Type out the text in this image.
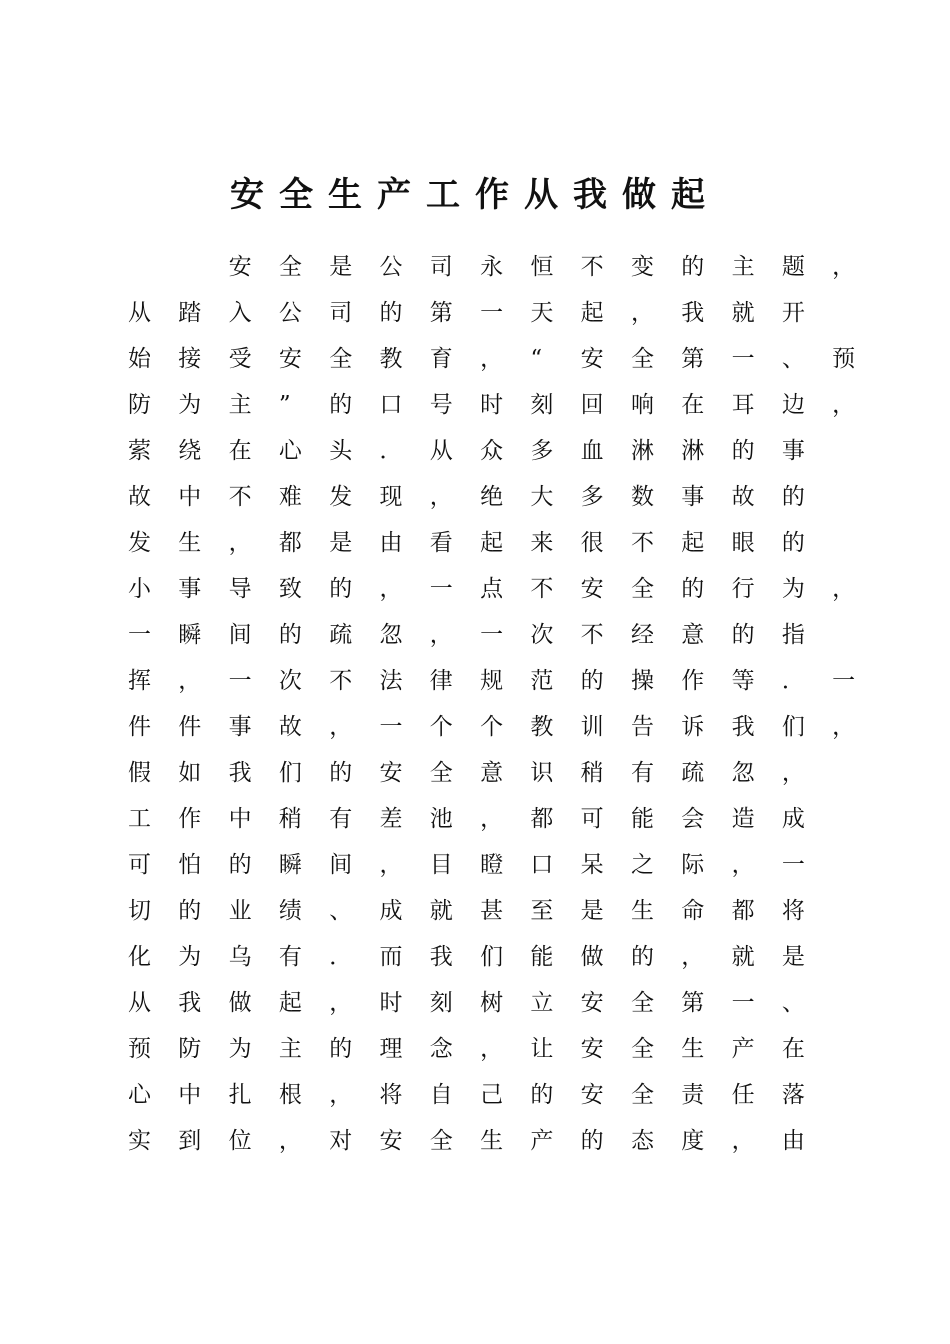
安全生产工作从我做起
　　安 全 是 公 司 永 恒 不 变 的 主 题 ，
从 踏 入 公 司 的 第 一 天 起 ， 我 就 开
始 接 受 安 全 教 育 ， “ 安 全 第 一 、 预
防 为 主 ” 的 口 号 时 刻 回 响 在 耳 边 ，
萦 绕 在 心 头 ． 从 众 多 血 淋 淋 的 事
故 中 不 难 发 现 ， 绝 大 多 数 事 故 的
发 生 ， 都 是 由 看 起 来 很 不 起 眼 的
小 事 导 致 的 ， 一 点 不 安 全 的 行 为 ，
一 瞬 间 的 疏 忽 ， 一 次 不 经 意 的 指
挥 ， 一 次 不 法 律 规 范 的 操 作 等 ． 一
件 件 事 故 ， 一 个 个 教 训 告 诉 我 们 ，
假 如 我 们 的 安 全 意 识 稍 有 疏 忽 ，
工 作 中 稍 有 差 池 ， 都 可 能 会 造 成
可 怕 的 瞬 间 ， 目 瞪 口 呆 之 际 ， 一
切 的 业 绩 、 成 就 甚 至 是 生 命 都 将
化 为 乌 有 ． 而 我 们 能 做 的 ， 就 是
从 我 做 起 ， 时 刻 树 立 安 全 第 一 、
预 防 为 主 的 理 念 ， 让 安 全 生 产 在
心 中 扎 根 ， 将 自 己 的 安 全 责 任 落
实 到 位 ， 对 安 全 生 产 的 态 度 ， 由
